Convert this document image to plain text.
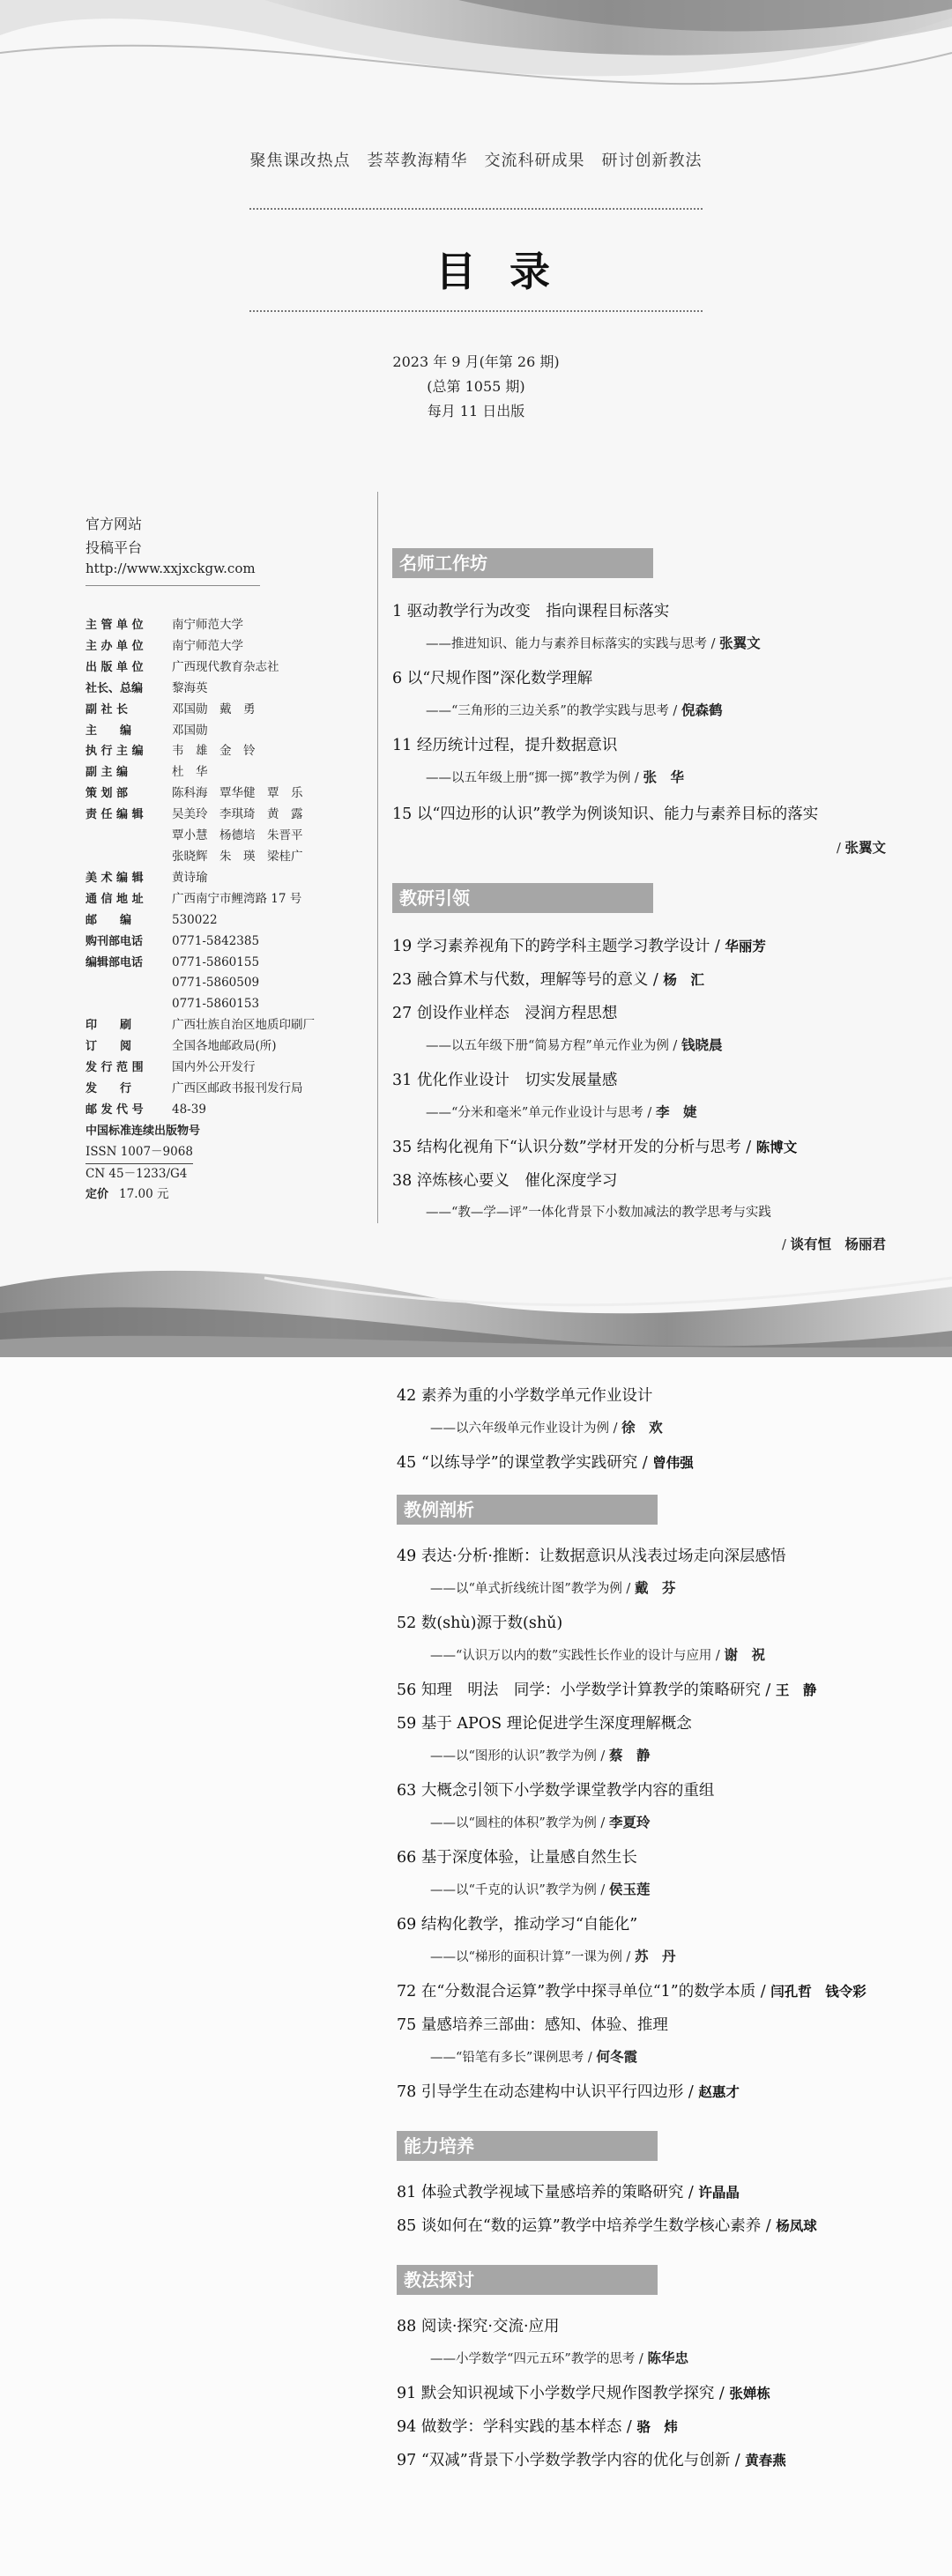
聚焦课改热点　荟萃教海精华　交流科研成果　研讨创新教法
目录
2023 年 9 月(年第 26 期)
(总第 1055 期)
每月 11 日出版
官方网站
投稿平台
http://www.xxjxckgw.com
主 管 单 位	南宁师范大学
主 办 单 位	南宁师范大学
出 版 单 位	广西现代教育杂志社
社长、总编	黎海英
副 社 长	邓国勋　戴　勇
主　　编	邓国勋
执 行 主 编	韦　雄　金　铃
副 主 编	杜　华
策 划 部	陈科海　覃华健　覃　乐
责 任 编 辑	吴美玲　李琪琦　黄　露
覃小慧　杨德培　朱晋平
张晓辉　朱　瑛　梁桂广
美 术 编 辑	黄诗瑜
通 信 地 址	广西南宁市鲤湾路 17 号
邮　　编	530022
购刊部电话	0771-5842385
编辑部电话	0771-5860155
0771-5860509
0771-5860153
印　　刷	广西壮族自治区地质印刷厂
订　　阅	全国各地邮政局(所)
发 行 范 围	国内外公开发行
发　　行	广西区邮政书报刊发行局
邮 发 代 号	48-39
中国标准连续出版物号
ISSN 1007－9068
CN 45－1233/G4
定价 17.00 元
名师工作坊
1 驱动教学行为改变　指向课程目标落实
——推进知识、能力与素养目标落实的实践与思考 / 张翼文
6 以“尺规作图”深化数学理解
——“三角形的三边关系”的教学实践与思考 / 倪森鹤
11 经历统计过程，提升数据意识
——以五年级上册“掷一掷”教学为例 / 张　华
15 以“四边形的认识”教学为例谈知识、能力与素养目标的落实
/ 张翼文
教研引领
19 学习素养视角下的跨学科主题学习教学设计 / 华丽芳
23 融合算术与代数，理解等号的意义 / 杨　汇
27 创设作业样态　浸润方程思想
——以五年级下册“简易方程”单元作业为例 / 钱晓晨
31 优化作业设计　切实发展量感
——“分米和毫米”单元作业设计与思考 / 李　婕
35 结构化视角下“认识分数”学材开发的分析与思考 / 陈博文
38 淬炼核心要义　催化深度学习
——“教—学—评”一体化背景下小数加减法的教学思考与实践
/ 谈有恒　杨丽君
42 素养为重的小学数学单元作业设计
——以六年级单元作业设计为例 / 徐　欢
45 “以练导学”的课堂教学实践研究 / 曾伟强
教例剖析
49 表达·分析·推断：让数据意识从浅表过场走向深层感悟
——以“单式折线统计图”教学为例 / 戴　芬
52 数(shù)源于数(shǔ)
——“认识万以内的数”实践性长作业的设计与应用 / 谢　祝
56 知理　明法　同学：小学数学计算教学的策略研究 / 王　静
59 基于 APOS 理论促进学生深度理解概念
——以“图形的认识”教学为例 / 蔡　静
63 大概念引领下小学数学课堂教学内容的重组
——以“圆柱的体积”教学为例 / 李夏玲
66 基于深度体验，让量感自然生长
——以“千克的认识”教学为例 / 侯玉莲
69 结构化教学，推动学习“自能化”
——以“梯形的面积计算”一课为例 / 苏　丹
72 在“分数混合运算”教学中探寻单位“1”的数学本质 / 闫孔哲　钱令彩
75 量感培养三部曲：感知、体验、推理
——“铅笔有多长”课例思考 / 何冬霞
78 引导学生在动态建构中认识平行四边形 / 赵惠才
能力培养
81 体验式教学视域下量感培养的策略研究 / 许晶晶
85 谈如何在“数的运算”教学中培养学生数学核心素养 / 杨凤球
教法探讨
88 阅读·探究·交流·应用
——小学数学“四元五环”教学的思考 / 陈华忠
91 默会知识视域下小学数学尺规作图教学探究 / 张婵栋
94 做数学：学科实践的基本样态 / 骆　炜
97 “双减”背景下小学数学教学内容的优化与创新 / 黄春燕
